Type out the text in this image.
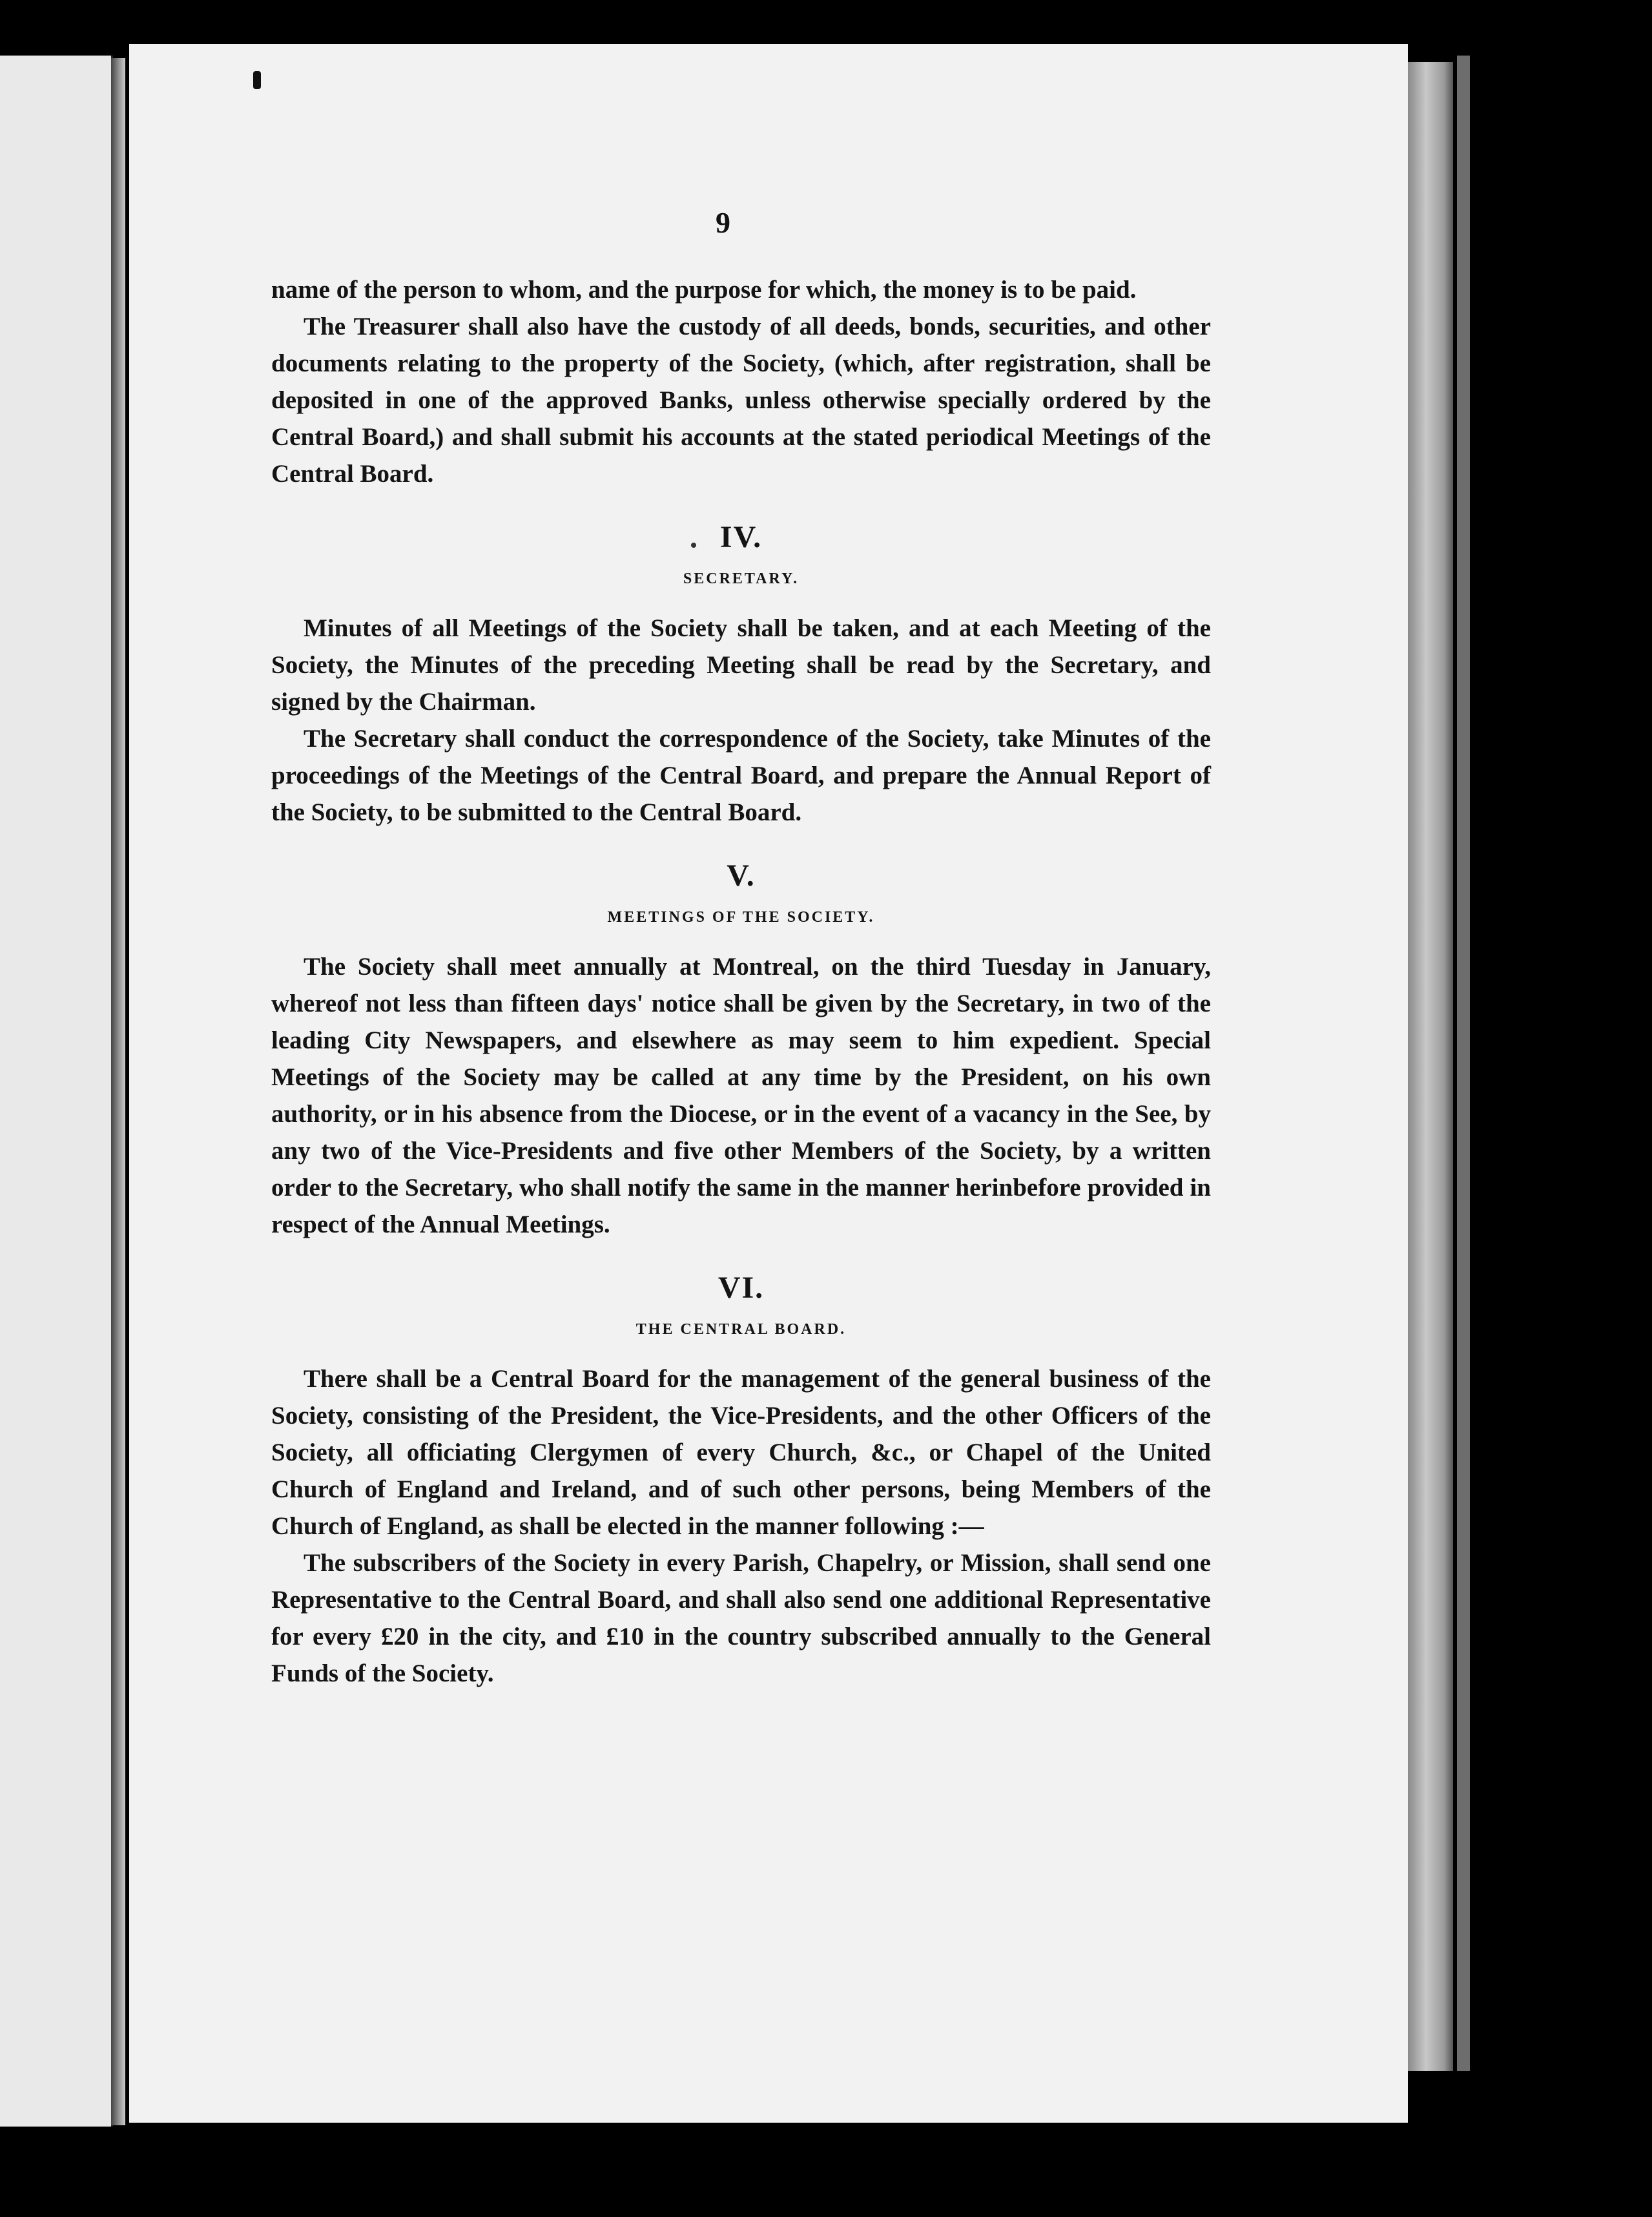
9

name of the person to whom, and the purpose for which, the money is to be paid.

The Treasurer shall also have the custody of all deeds, bonds, securities, and other documents relating to the property of the Society, (which, after registration, shall be deposited in one of the approved Banks, unless otherwise specially ordered by the Central Board,) and shall submit his accounts at the stated periodical Meetings of the Central Board.

IV.
SECRETARY.

Minutes of all Meetings of the Society shall be taken, and at each Meeting of the Society, the Minutes of the preceding Meeting shall be read by the Secretary, and signed by the Chairman.

The Secretary shall conduct the correspondence of the Society, take Minutes of the proceedings of the Meetings of the Central Board, and prepare the Annual Report of the Society, to be submitted to the Central Board.

V.
MEETINGS OF THE SOCIETY.

The Society shall meet annually at Montreal, on the third Tuesday in January, whereof not less than fifteen days' notice shall be given by the Secretary, in two of the leading City Newspapers, and elsewhere as may seem to him expedient. Special Meetings of the Society may be called at any time by the President, on his own authority, or in his absence from the Diocese, or in the event of a vacancy in the See, by any two of the Vice-Presidents and five other Members of the Society, by a written order to the Secretary, who shall notify the same in the manner herinbefore provided in respect of the Annual Meetings.

VI.
THE CENTRAL BOARD.

There shall be a Central Board for the management of the general business of the Society, consisting of the President, the Vice-Presidents, and the other Officers of the Society, all officiating Clergymen of every Church, &c., or Chapel of the United Church of England and Ireland, and of such other persons, being Members of the Church of England, as shall be elected in the manner following :—

The subscribers of the Society in every Parish, Chapelry, or Mission, shall send one Representative to the Central Board, and shall also send one additional Representative for every £20 in the city, and £10 in the country subscribed annually to the General Funds of the Society.
